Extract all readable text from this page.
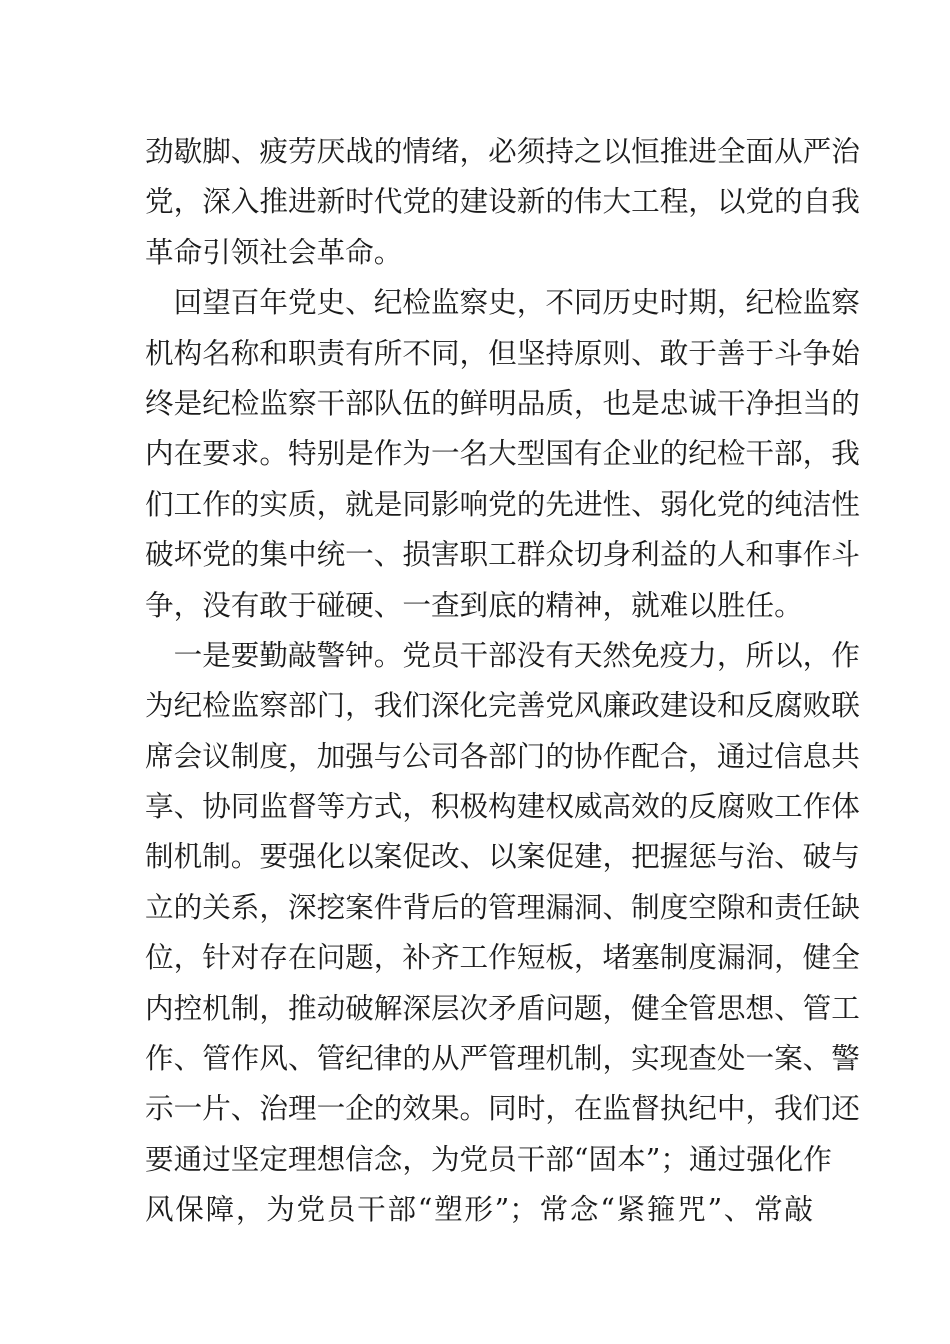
劲歇脚、疲劳厌战的情绪，必须持之以恒推进全面从严治
党，深入推进新时代党的建设新的伟大工程，以党的自我
革命引领社会革命。
　回望百年党史、纪检监察史，不同历史时期，纪检监察
机构名称和职责有所不同，但坚持原则、敢于善于斗争始
终是纪检监察干部队伍的鲜明品质，也是忠诚干净担当的
内在要求。特别是作为一名大型国有企业的纪检干部，我
们工作的实质，就是同影响党的先进性、弱化党的纯洁性
破坏党的集中统一、损害职工群众切身利益的人和事作斗
争，没有敢于碰硬、一查到底的精神，就难以胜任。
　一是要勤敲警钟。党员干部没有天然免疫力，所以，作
为纪检监察部门，我们深化完善党风廉政建设和反腐败联
席会议制度，加强与公司各部门的协作配合，通过信息共
享、协同监督等方式，积极构建权威高效的反腐败工作体
制机制。要强化以案促改、以案促建，把握惩与治、破与
立的关系，深挖案件背后的管理漏洞、制度空隙和责任缺
位，针对存在问题，补齐工作短板，堵塞制度漏洞，健全
内控机制，推动破解深层次矛盾问题，健全管思想、管工
作、管作风、管纪律的从严管理机制，实现查处一案、警
示一片、治理一企的效果。同时，在监督执纪中，我们还
要通过坚定理想信念，为党员干部“固本”；通过强化作
风保障，为党员干部“塑形”；常念“紧箍咒”、常敲
